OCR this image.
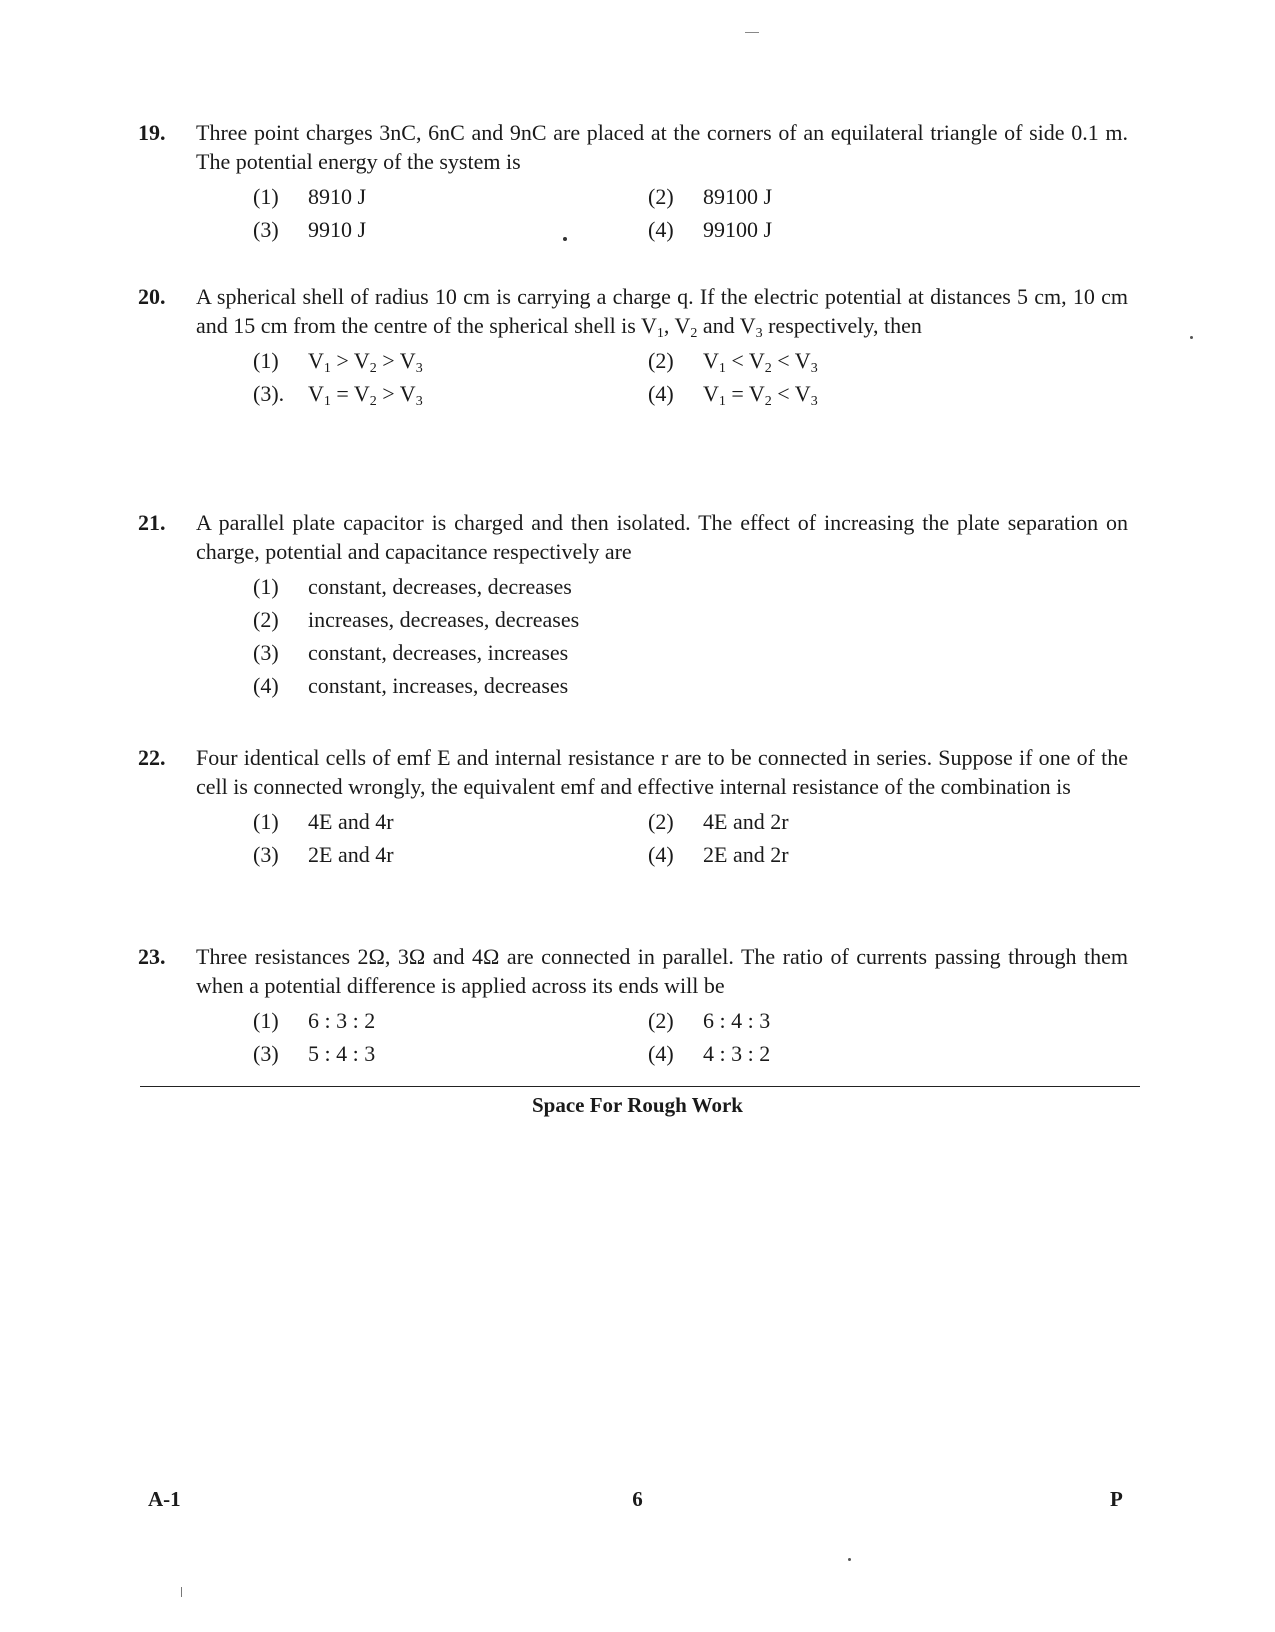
19. Three point charges 3nC, 6nC and 9nC are placed at the corners of an equilateral triangle of side 0.1 m. The potential energy of the system is
(1)	8910 J	(2)	89100 J
(3)	9910 J	(4)	99100 J
20. A spherical shell of radius 10 cm is carrying a charge q. If the electric potential at distances 5 cm, 10 cm and 15 cm from the centre of the spherical shell is $V_1$, $V_2$ and $V_3$ respectively, then
(1)	$V_1 > V_2 > V_3$	(2)	$V_1 < V_2 < V_3$
(3).	$V_1 = V_2 > V_3$	(4)	$V_1 = V_2 < V_3$
21. A parallel plate capacitor is charged and then isolated. The effect of increasing the plate separation on charge, potential and capacitance respectively are
(1)	constant, decreases, decreases
(2)	increases, decreases, decreases
(3)	constant, decreases, increases
(4)	constant, increases, decreases
22. Four identical cells of emf E and internal resistance r are to be connected in series. Suppose if one of the cell is connected wrongly, the equivalent emf and effective internal resistance of the combination is
(1)	4E and 4r	(2)	4E and 2r
(3)	2E and 4r	(4)	2E and 2r
23. Three resistances 2Ω, 3Ω and 4Ω are connected in parallel. The ratio of currents passing through them when a potential difference is applied across its ends will be
(1)	6 : 3 : 2	(2)	6 : 4 : 3
(3)	5 : 4 : 3	(4)	4 : 3 : 2
Space For Rough Work
A-1	6	P
